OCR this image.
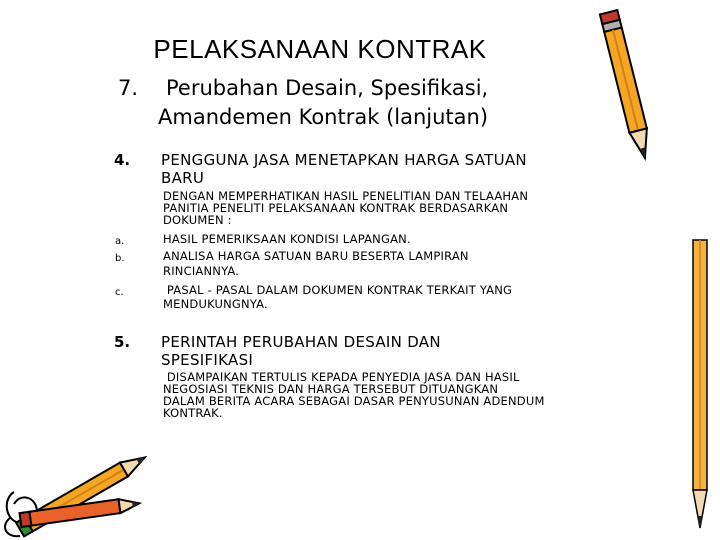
PELAKSANAAN KONTRAK
7. Perubahan Desain, Spesifikasi,
Amandemen Kontrak (lanjutan)
4. PENGGUNA JASA MENETAPKAN HARGA SATUAN
BARU
DENGAN MEMPERHATIKAN HASIL PENELITIAN DAN TELAAHAN
PANITIA PENELITI PELAKSANAAN KONTRAK BERDASARKAN
DOKUMEN :
a.	HASIL PEMERIKSAAN KONDISI LAPANGAN.
b.	ANALISA HARGA SATUAN BARU BESERTA LAMPIRAN
RINCIANNYA.
c.	PASAL - PASAL DALAM DOKUMEN KONTRAK TERKAIT YANG
MENDUKUNGNYA.
5. PERINTAH PERUBAHAN DESAIN DAN
SPESIFIKASI
DISAMPAIKAN TERTULIS KEPADA PENYEDIA JASA DAN HASIL
NEGOSIASI TEKNIS DAN HARGA TERSEBUT DITUANGKAN
DALAM BERITA ACARA SEBAGAI DASAR PENYUSUNAN ADENDUM
KONTRAK.
